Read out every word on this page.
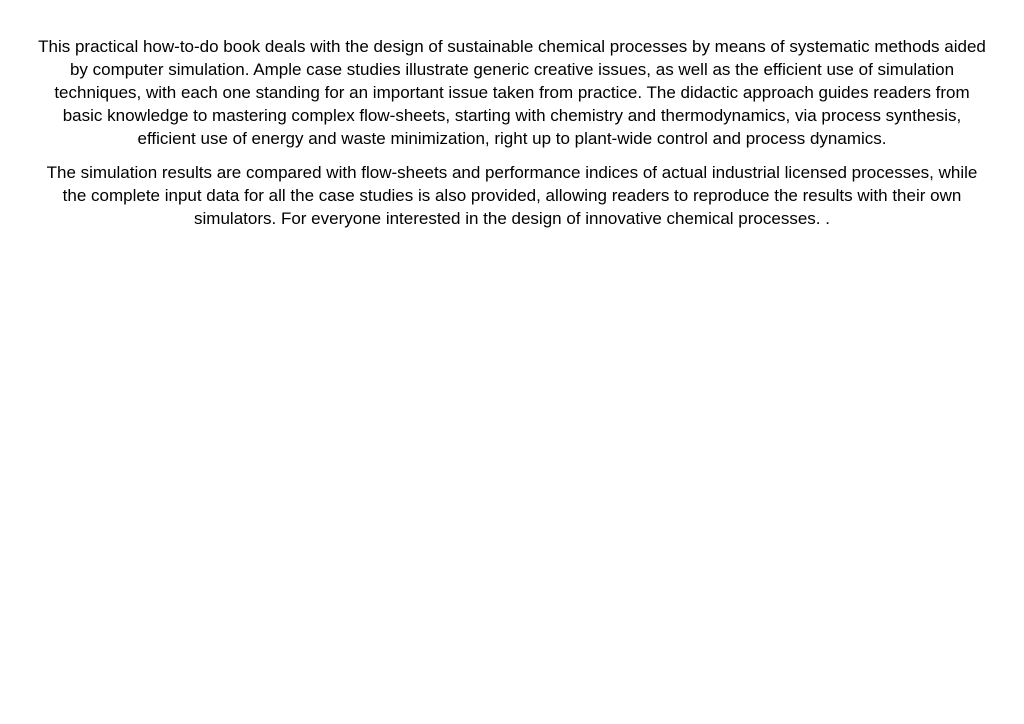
This practical how-to-do book deals with the design of sustainable chemical processes by means of systematic methods aided by computer simulation. Ample case studies illustrate generic creative issues, as well as the efficient use of simulation techniques, with each one standing for an important issue taken from practice. The didactic approach guides readers from basic knowledge to mastering complex flow-sheets, starting with chemistry and thermodynamics, via process synthesis, efficient use of energy and waste minimization, right up to plant-wide control and process dynamics.

The simulation results are compared with flow-sheets and performance indices of actual industrial licensed processes, while the complete input data for all the case studies is also provided, allowing readers to reproduce the results with their own simulators. For everyone interested in the design of innovative chemical processes. .
